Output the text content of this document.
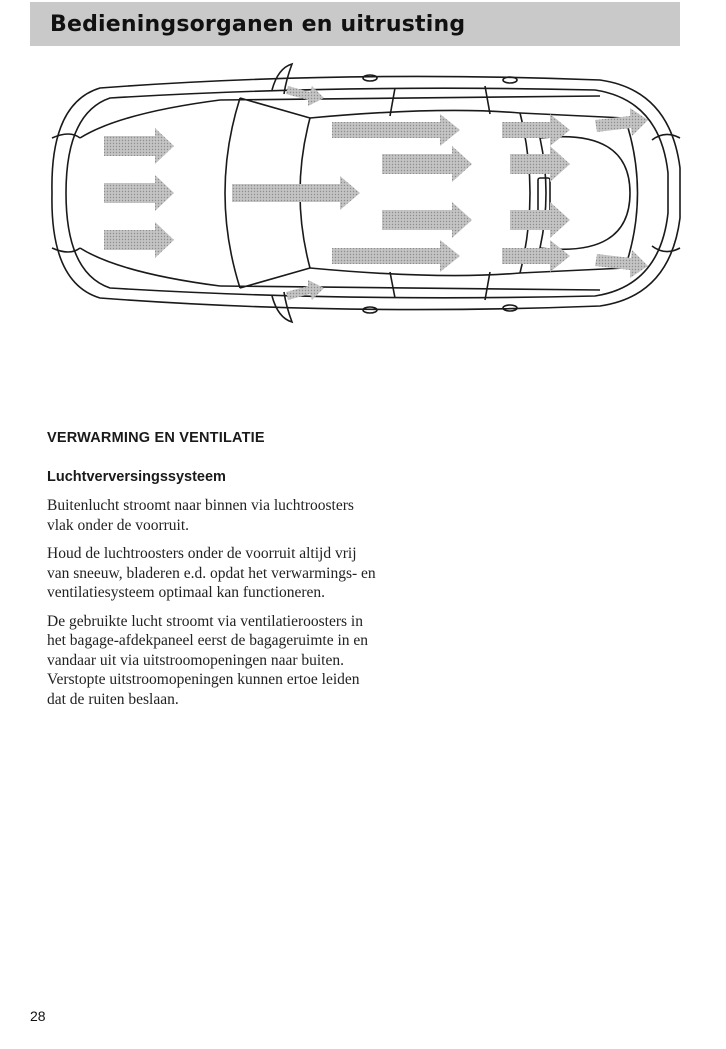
Bedieningsorganen en uitrusting
VERWARMING EN VENTILATIE
Luchtverversingssysteem

Buitenlucht stroomt naar binnen via luchtroosters vlak onder de voorruit.

Houd de luchtroosters onder de voorruit altijd vrij van sneeuw, bladeren e.d. opdat het verwarmings- en ventilatiesysteem optimaal kan functioneren.

De gebruikte lucht stroomt via ventilatieroosters in het bagage-afdekpaneel eerst de bagageruimte in en vandaar uit via uitstroomopeningen naar buiten. Verstopte uitstroomopeningen kunnen ertoe leiden dat de ruiten beslaan.

28
